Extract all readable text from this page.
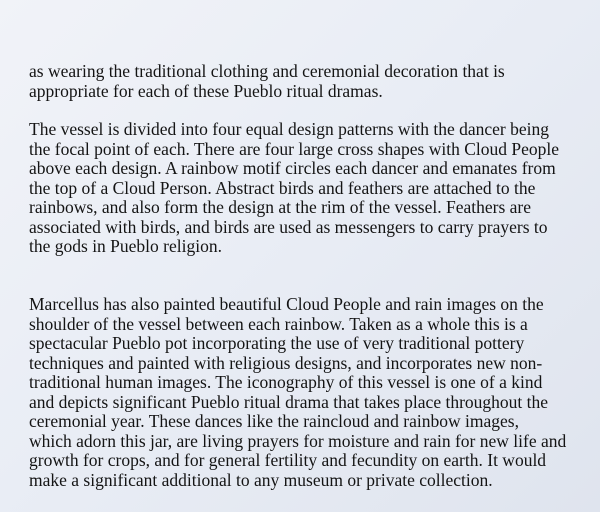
as wearing the traditional clothing and ceremonial decoration that is
appropriate for each of these Pueblo ritual dramas.

The vessel is divided into four equal design patterns with the dancer being
the focal point of each. There are four large cross shapes with Cloud People
above each design. A rainbow motif circles each dancer and emanates from
the top of a Cloud Person. Abstract birds and feathers are attached to the
rainbows, and also form the design at the rim of the vessel. Feathers are
associated with birds, and birds are used as messengers to carry prayers to
the gods in Pueblo religion.

Marcellus has also painted beautiful Cloud People and rain images on the
shoulder of the vessel between each rainbow. Taken as a whole this is a
spectacular Pueblo pot incorporating the use of very traditional pottery
techniques and painted with religious designs, and incorporates new non-
traditional human images. The iconography of this vessel is one of a kind
and depicts significant Pueblo ritual drama that takes place throughout the
ceremonial year. These dances like the raincloud and rainbow images,
which adorn this jar, are living prayers for moisture and rain for new life and
growth for crops, and for general fertility and fecundity on earth. It would
make a significant additional to any museum or private collection.
